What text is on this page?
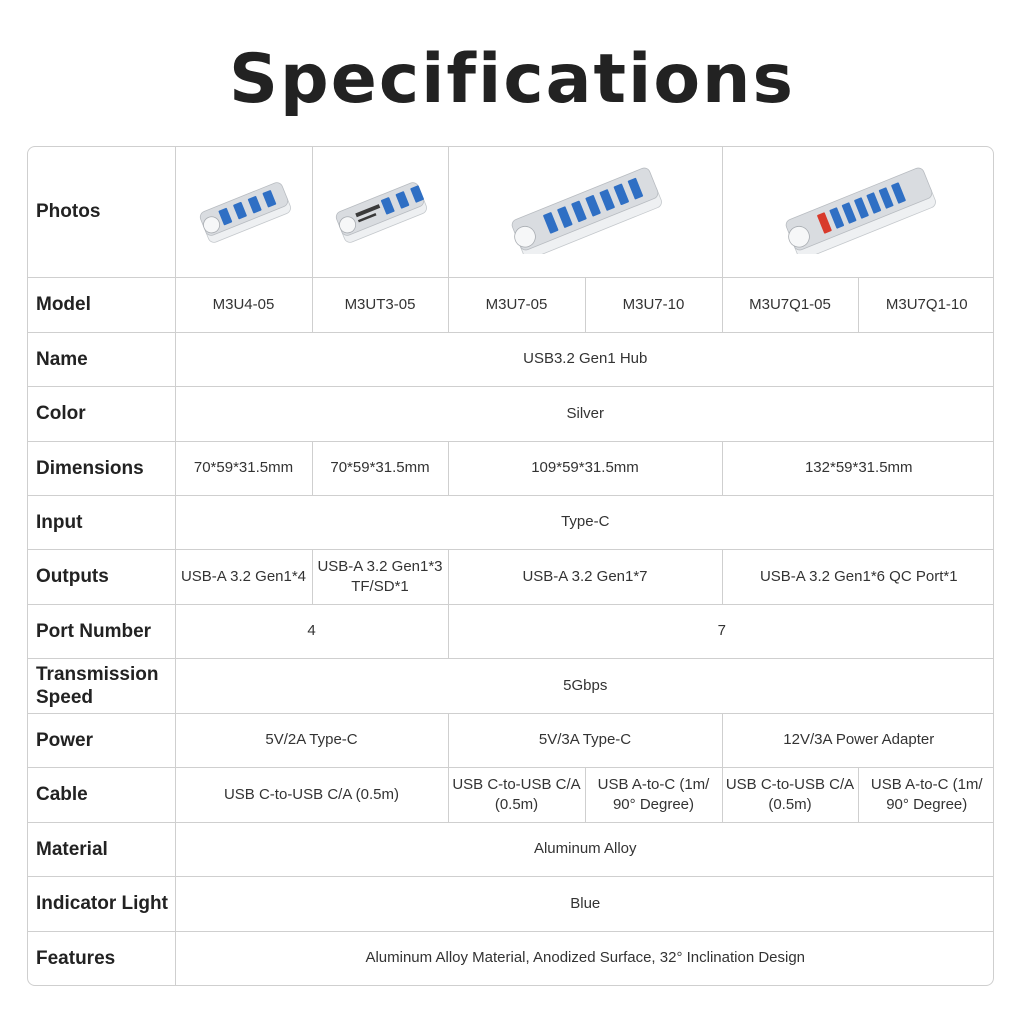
Specifications
Photos	

Model	M3U4-05	M3UT3-05	M3U7-05	M3U7-10	M3U7Q1-05	M3U7Q1-10
Name	USB3.2 Gen1 Hub					
Color	Silver					
Dimensions	70*59*31.5mm	70*59*31.5mm	109*59*31.5mm		132*59*31.5mm	
Input	Type-C					
Outputs	USB-A 3.2 Gen1*4	USB-A 3.2 Gen1*3 TF/SD*1	USB-A 3.2 Gen1*7		USB-A 3.2 Gen1*6 QC Port*1	
Port Number	4		7			
Transmission Speed	5Gbps					
Power	5V/2A Type-C		5V/3A Type-C		12V/3A Power Adapter	
Cable	USB C-to-USB C/A (0.5m)		USB C-to-USB C/A (0.5m)	USB A-to-C (1m/ 90° Degree)	USB C-to-USB C/A (0.5m)	USB A-to-C (1m/ 90° Degree)
Material	Aluminum Alloy					
Indicator Light	Blue					
Features	Aluminum Alloy Material, Anodized Surface, 32° Inclination Design					
